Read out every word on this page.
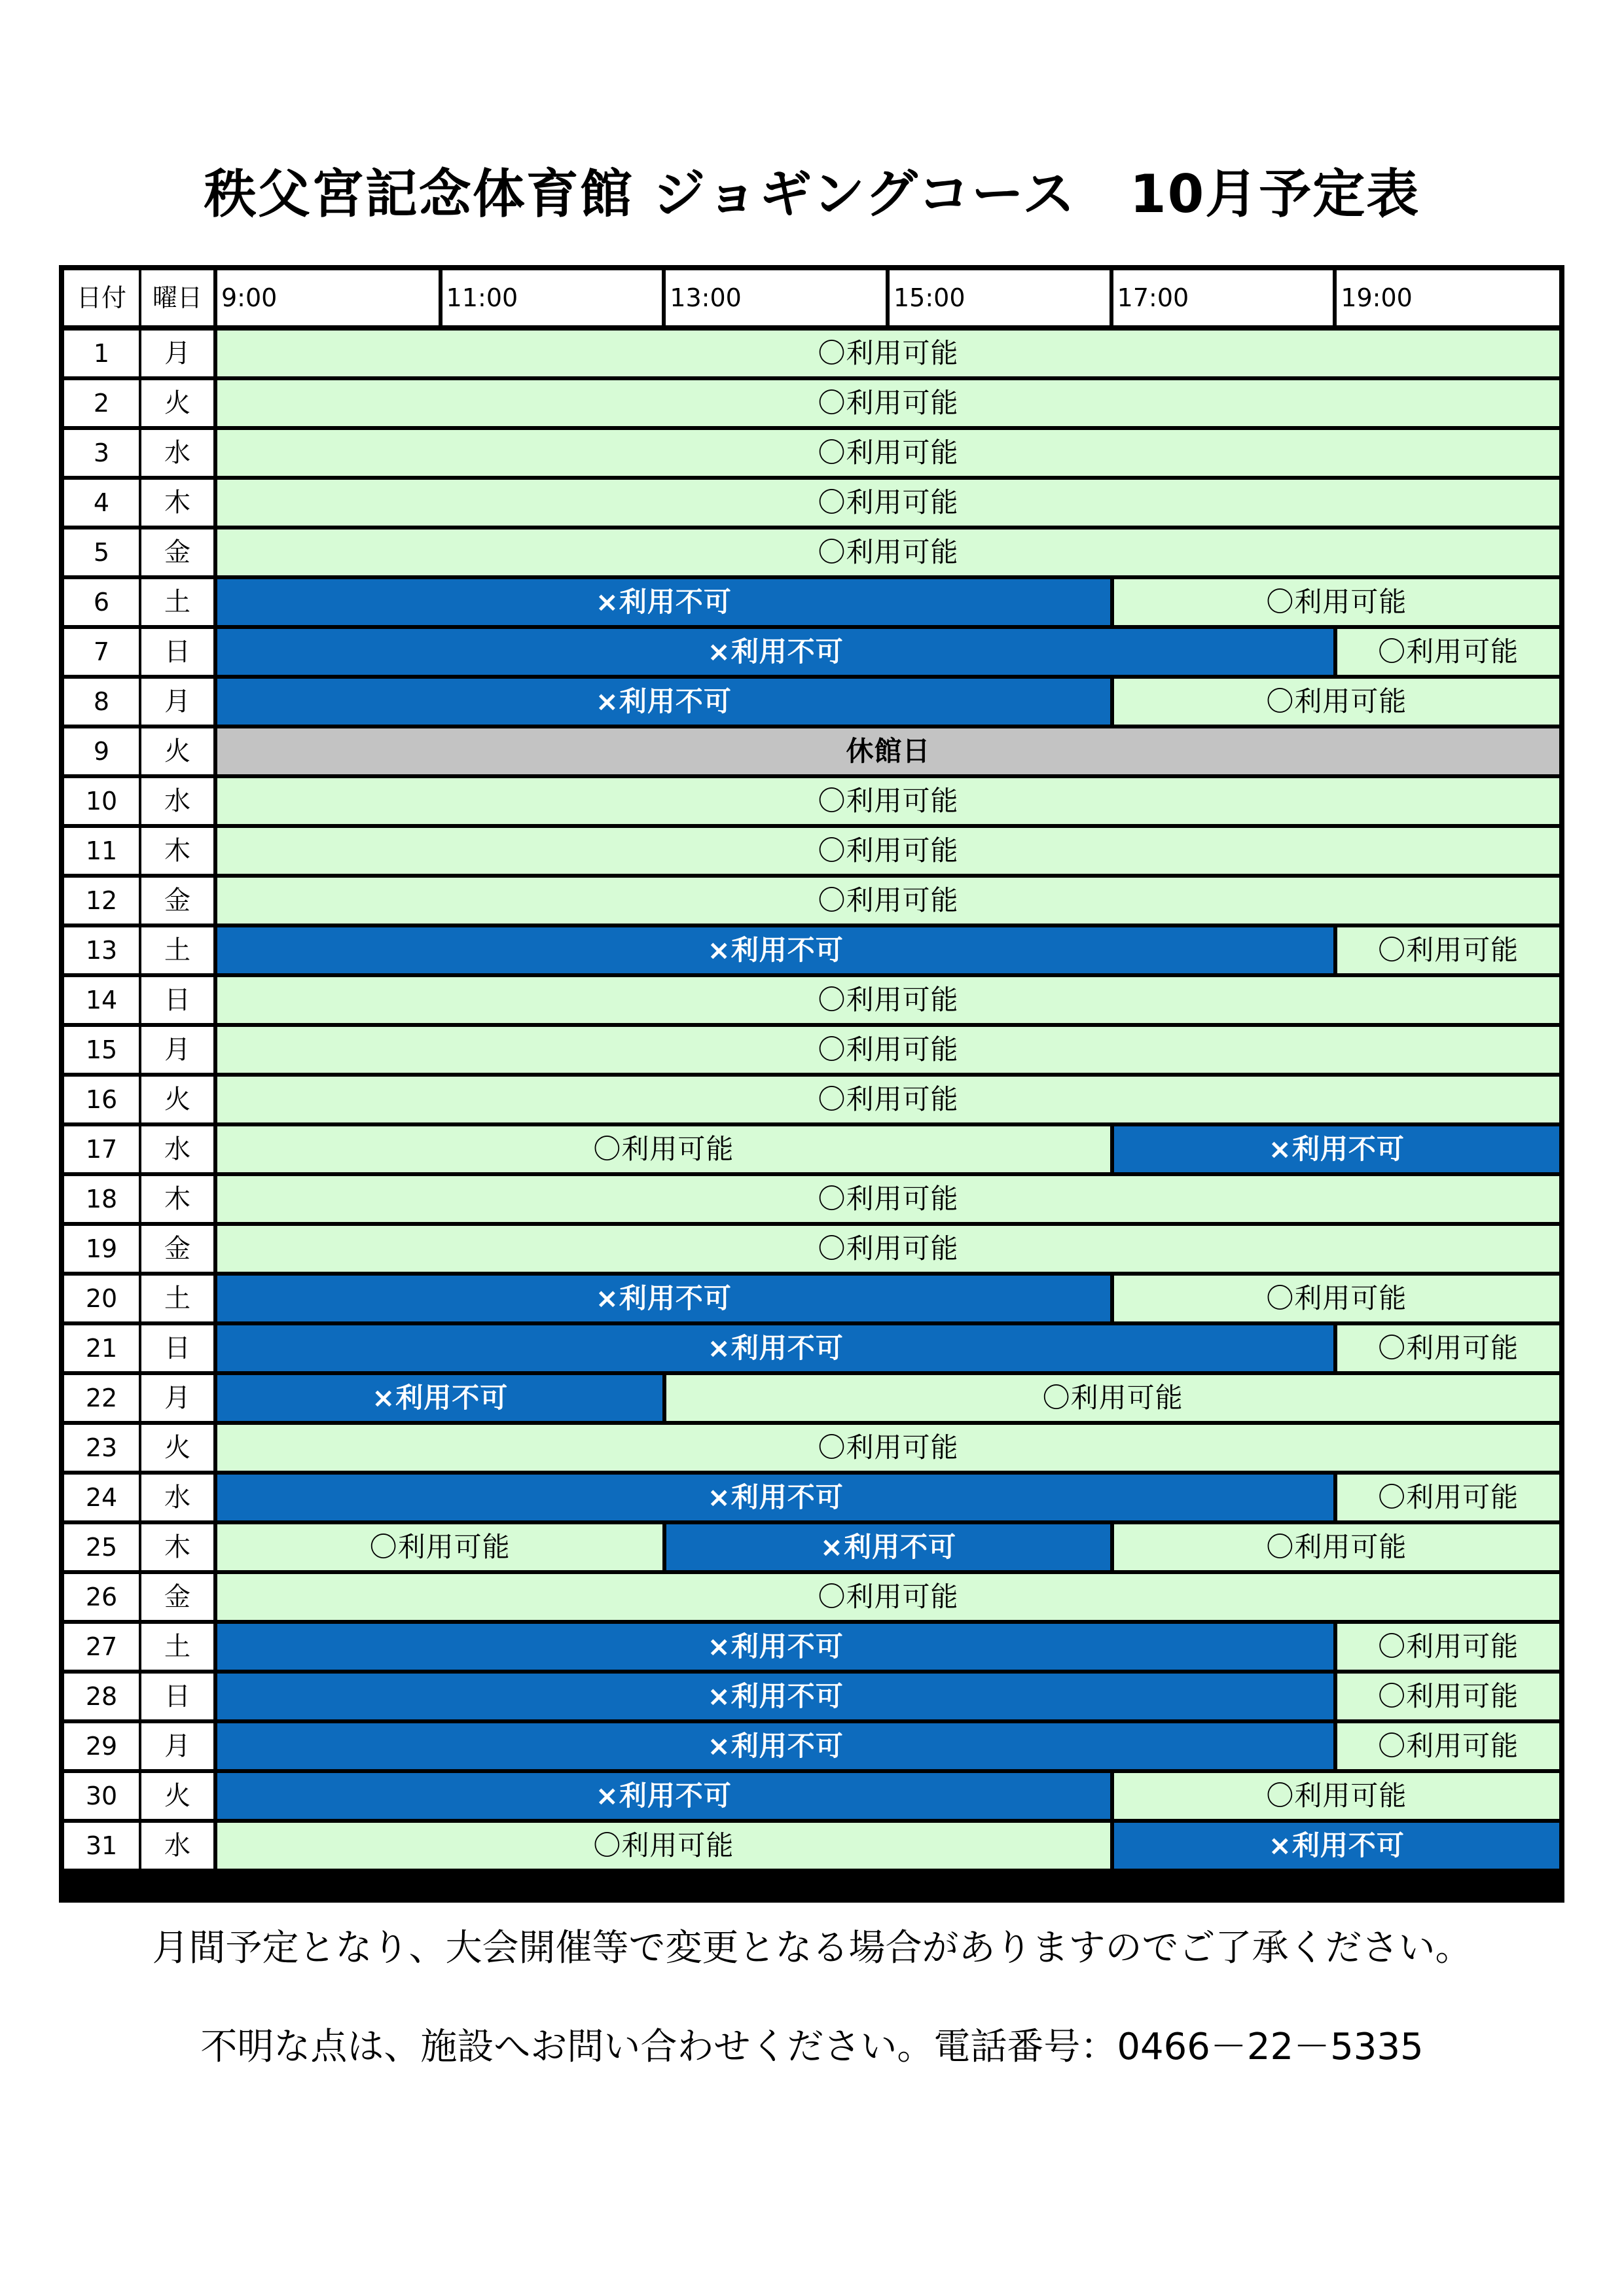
秩父宮記念体育館 ジョギングコース　10月予定表
日付	曜日 9:00	11:00	13:00	15:00	17:00	19:00
1	月	〇利用可能
2	火	〇利用可能
3	水	〇利用可能
4	木	〇利用可能
5	金	〇利用可能
6	土	×利用不可	〇利用可能
7	日	×利用不可	〇利用可能
8	月	×利用不可	〇利用可能
9	火	休館日
10	水	〇利用可能
11	木	〇利用可能
12	金	〇利用可能
13	土	×利用不可	〇利用可能
14	日	〇利用可能
15	月	〇利用可能
16	火	〇利用可能
17	水	〇利用可能	×利用不可
18	木	〇利用可能
19	金	〇利用可能
20	土	×利用不可	〇利用可能
21	日	×利用不可	〇利用可能
22	月	×利用不可	〇利用可能
23	火	〇利用可能
24	水	×利用不可	〇利用可能
25	木	〇利用可能	×利用不可	〇利用可能
26	金	〇利用可能
27	土	×利用不可	〇利用可能
28	日	×利用不可	〇利用可能
29	月	×利用不可	〇利用可能
30	火	×利用不可	〇利用可能
31	水	〇利用可能	×利用不可
月間予定となり、大会開催等で変更となる場合がありますのでご了承ください。
不明な点は、施設へお問い合わせください。電話番号：0466－22－5335
